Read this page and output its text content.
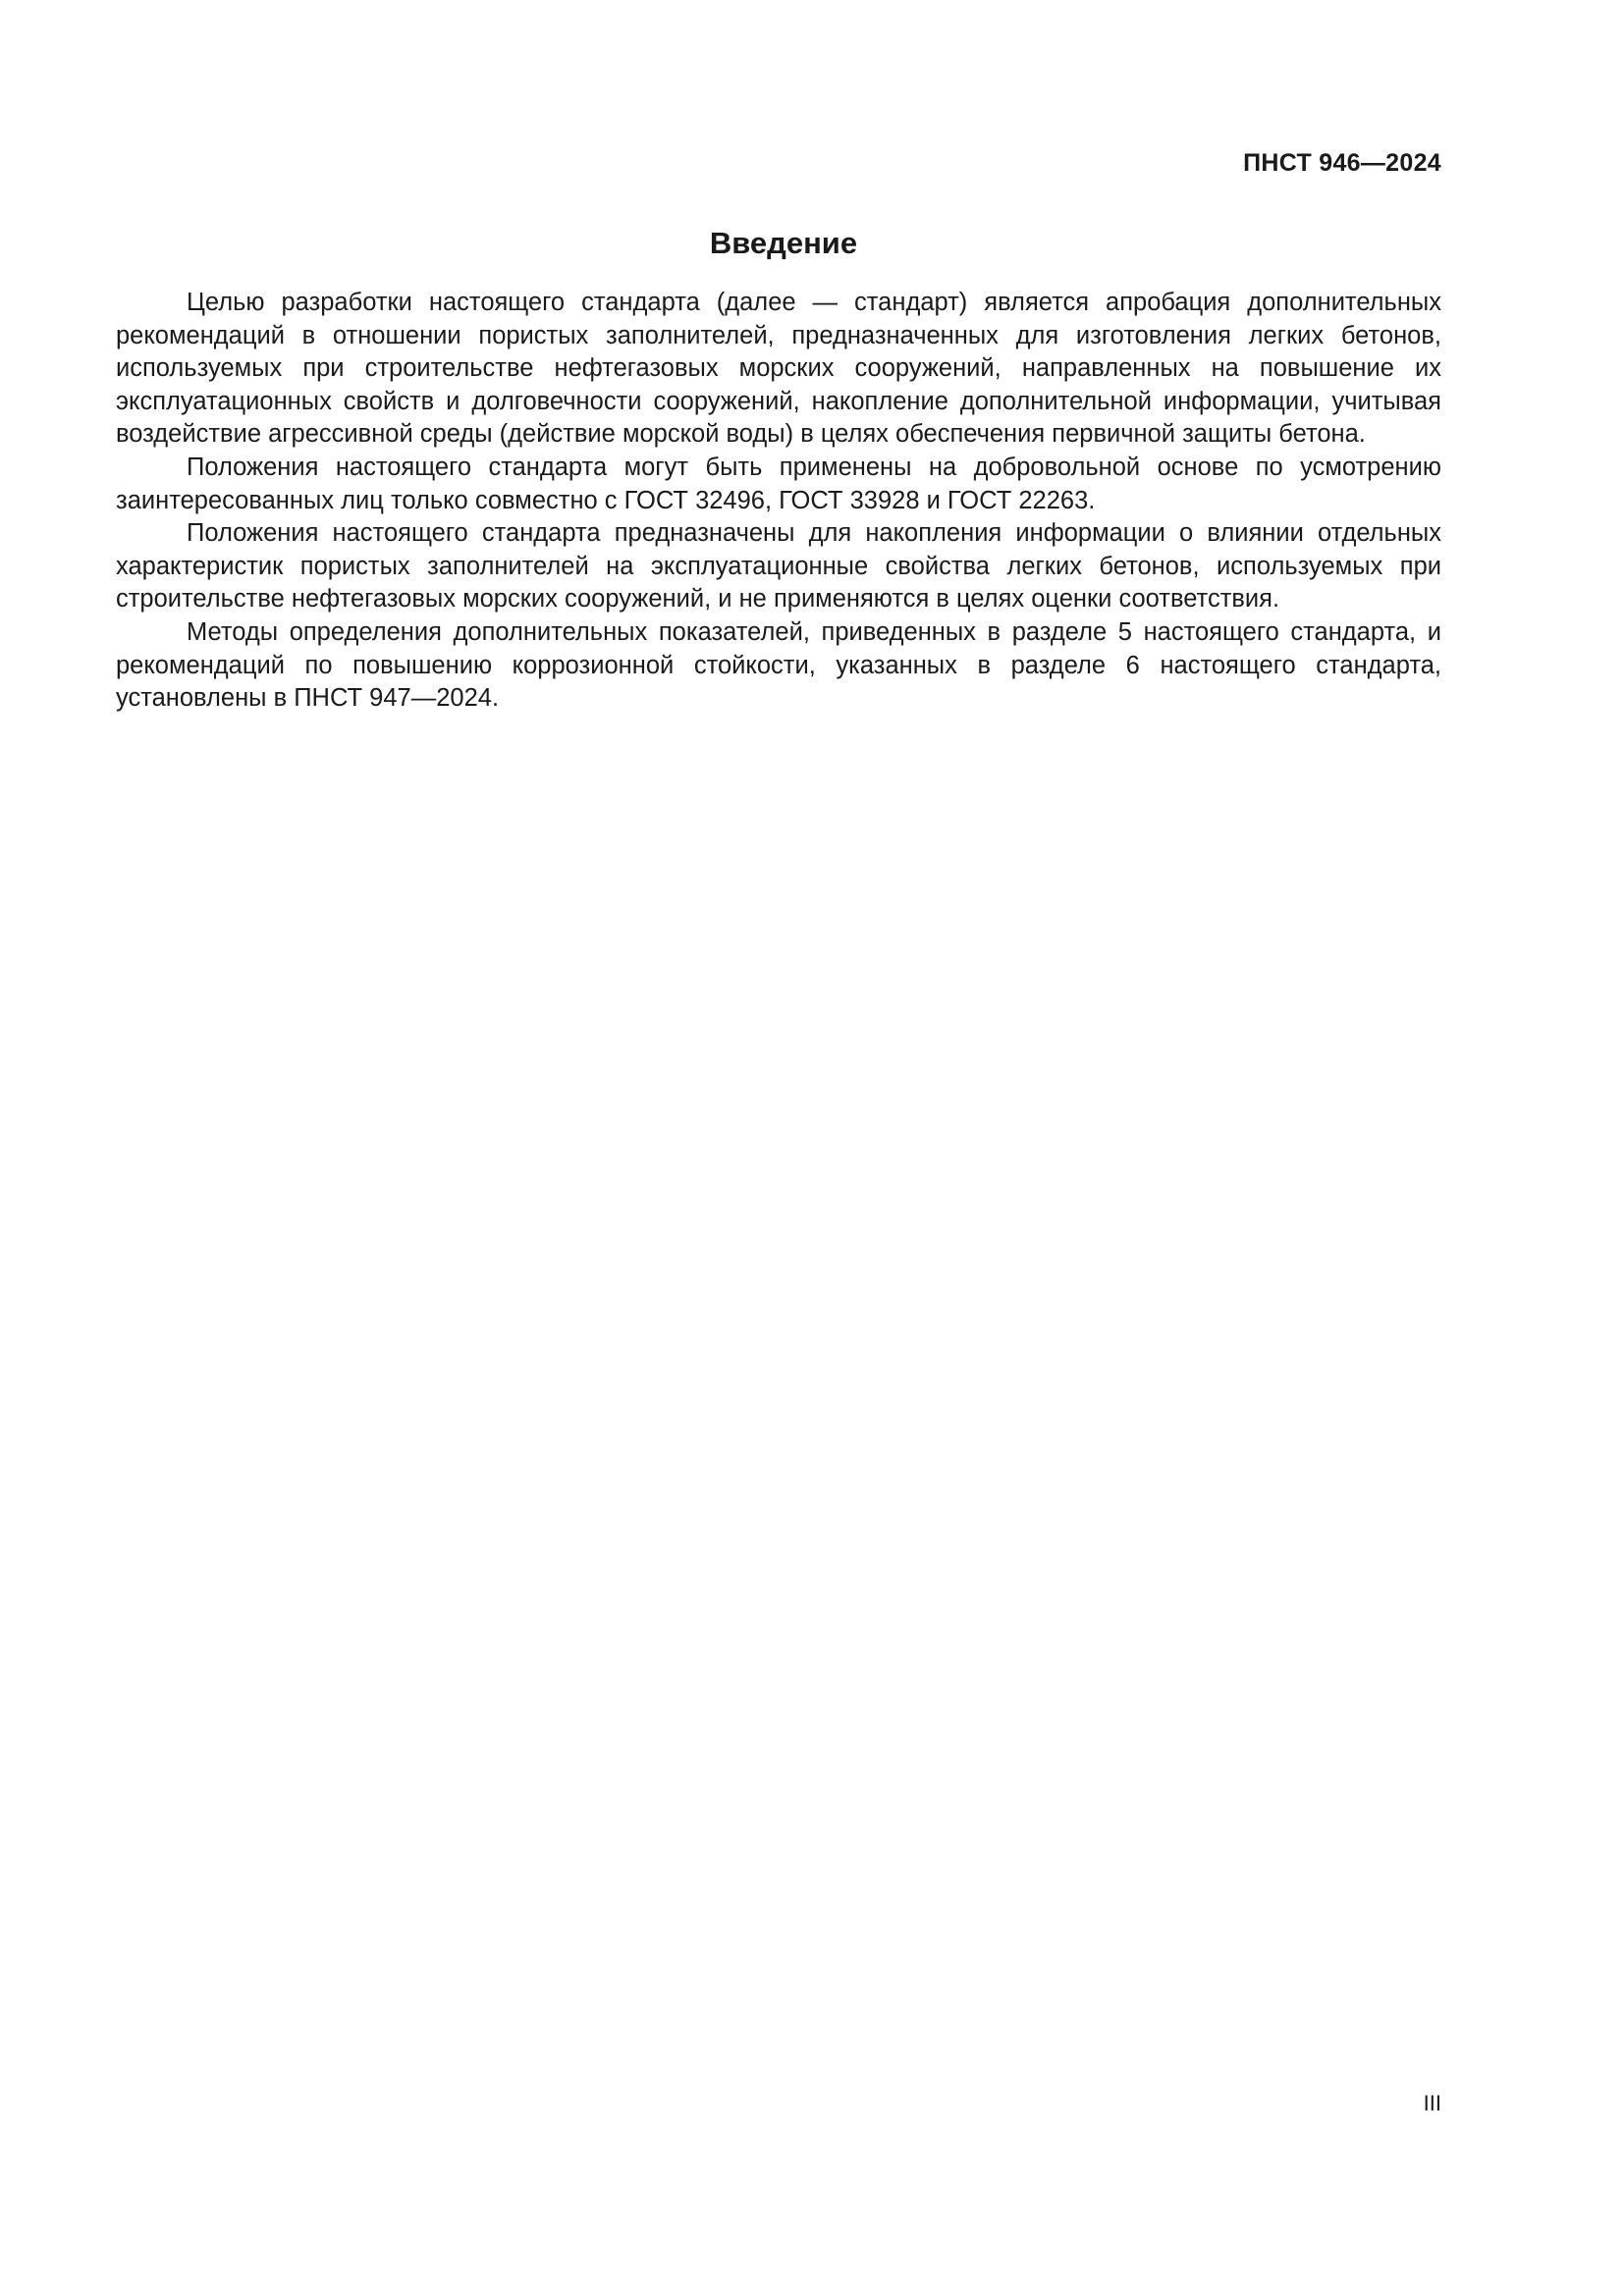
ПНСТ 946—2024
Введение

Целью разработки настоящего стандарта (далее — стандарт) является апробация дополнительных рекомендаций в отношении пористых заполнителей, предназначенных для изготовления легких бетонов, используемых при строительстве нефтегазовых морских сооружений, направленных на повышение их эксплуатационных свойств и долговечности сооружений, накопление дополнительной информации, учитывая воздействие агрессивной среды (действие морской воды) в целях обеспечения первичной защиты бетона.

Положения настоящего стандарта могут быть применены на добровольной основе по усмотрению заинтересованных лиц только совместно с ГОСТ 32496, ГОСТ 33928 и ГОСТ 22263.

Положения настоящего стандарта предназначены для накопления информации о влиянии отдельных характеристик пористых заполнителей на эксплуатационные свойства легких бетонов, используемых при строительстве нефтегазовых морских сооружений, и не применяются в целях оценки соответствия.

Методы определения дополнительных показателей, приведенных в разделе 5 настоящего стандарта, и рекомендаций по повышению коррозионной стойкости, указанных в разделе 6 настоящего стандарта, установлены в ПНСТ 947—2024.

III
